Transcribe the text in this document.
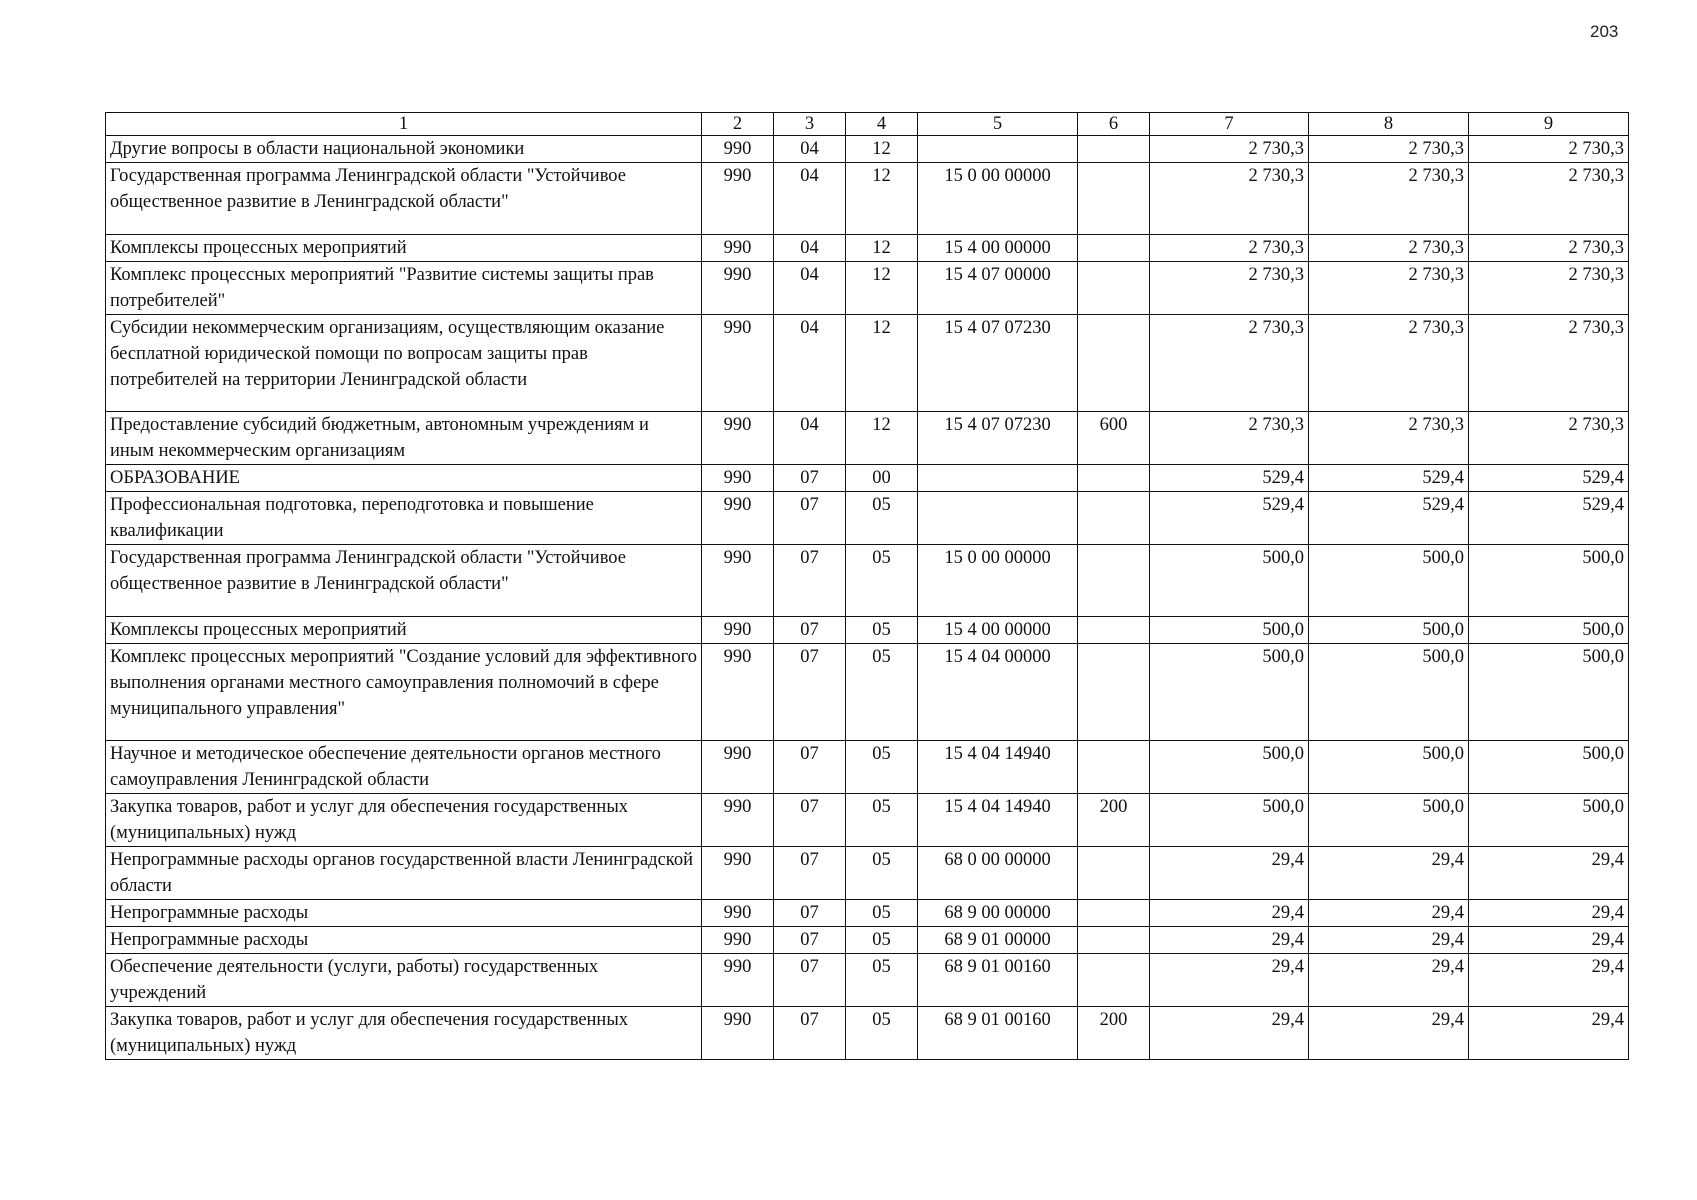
203
1	2	3	4	5	6	7	8	9
Другие вопросы в области национальной экономики	990	04	12			2 730,3	2 730,3	2 730,3
Государственная программа Ленинградской области "Устойчивое общественное развитие в Ленинградской области"	990	04	12	15 0 00 00000		2 730,3	2 730,3	2 730,3
Комплексы процессных мероприятий	990	04	12	15 4 00 00000		2 730,3	2 730,3	2 730,3
Комплекс процессных мероприятий "Развитие системы защиты прав потребителей"	990	04	12	15 4 07 00000		2 730,3	2 730,3	2 730,3
Субсидии некоммерческим организациям, осуществляющим оказание бесплатной юридической помощи по вопросам защиты прав потребителей на территории Ленинградской области	990	04	12	15 4 07 07230		2 730,3	2 730,3	2 730,3
Предоставление субсидий бюджетным, автономным учреждениям и иным некоммерческим организациям	990	04	12	15 4 07 07230	600	2 730,3	2 730,3	2 730,3
ОБРАЗОВАНИЕ	990	07	00			529,4	529,4	529,4
Профессиональная подготовка, переподготовка и повышение квалификации	990	07	05			529,4	529,4	529,4
Государственная программа Ленинградской области "Устойчивое общественное развитие в Ленинградской области"	990	07	05	15 0 00 00000		500,0	500,0	500,0
Комплексы процессных мероприятий	990	07	05	15 4 00 00000		500,0	500,0	500,0
Комплекс процессных мероприятий "Создание условий для эффективного выполнения органами местного самоуправления полномочий в сфере муниципального управления"	990	07	05	15 4 04 00000		500,0	500,0	500,0
Научное и методическое обеспечение деятельности органов местного самоуправления Ленинградской области	990	07	05	15 4 04 14940		500,0	500,0	500,0
Закупка товаров, работ и услуг для обеспечения государственных (муниципальных) нужд	990	07	05	15 4 04 14940	200	500,0	500,0	500,0
Непрограммные расходы органов государственной власти Ленинградской области	990	07	05	68 0 00 00000		29,4	29,4	29,4
Непрограммные расходы	990	07	05	68 9 00 00000		29,4	29,4	29,4
Непрограммные расходы	990	07	05	68 9 01 00000		29,4	29,4	29,4
Обеспечение деятельности (услуги, работы) государственных учреждений	990	07	05	68 9 01 00160		29,4	29,4	29,4
Закупка товаров, работ и услуг для обеспечения государственных (муниципальных) нужд	990	07	05	68 9 01 00160	200	29,4	29,4	29,4
